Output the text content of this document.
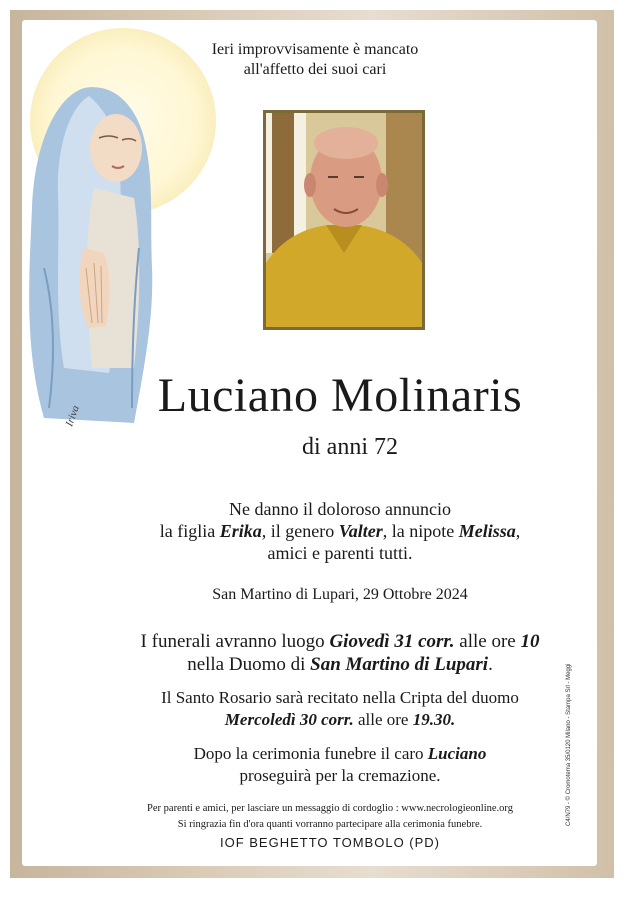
Iriva
Ieri improvvisamente è mancato
all'affetto dei suoi cari
Luciano Molinaris
di anni 72
Ne danno il doloroso annuncio
la figlia Erika, il genero Valter, la nipote Melissa,
amici e parenti tutti.
San Martino di Lupari, 29 Ottobre 2024
I funerali avranno luogo Giovedì 31 corr. alle ore 10
nella Duomo di San Martino di Lupari.
Il Santo Rosario sarà recitato nella Cripta del duomo
Mercoledì 30 corr. alle ore 19.30.
Dopo la cerimonia funebre il caro Luciano
proseguirà per la cremazione.
Per parenti e amici, per lasciare un messaggio di cordoglio : www.necrologieonline.org
Si ringrazia fin d'ora quanti vorranno partecipare alla cerimonia funebre.
IOF BEGHETTO TOMBOLO (PD)
C4/N79 - © Cromotema 35/0120 Milano - Stampa Srl - Meggi
